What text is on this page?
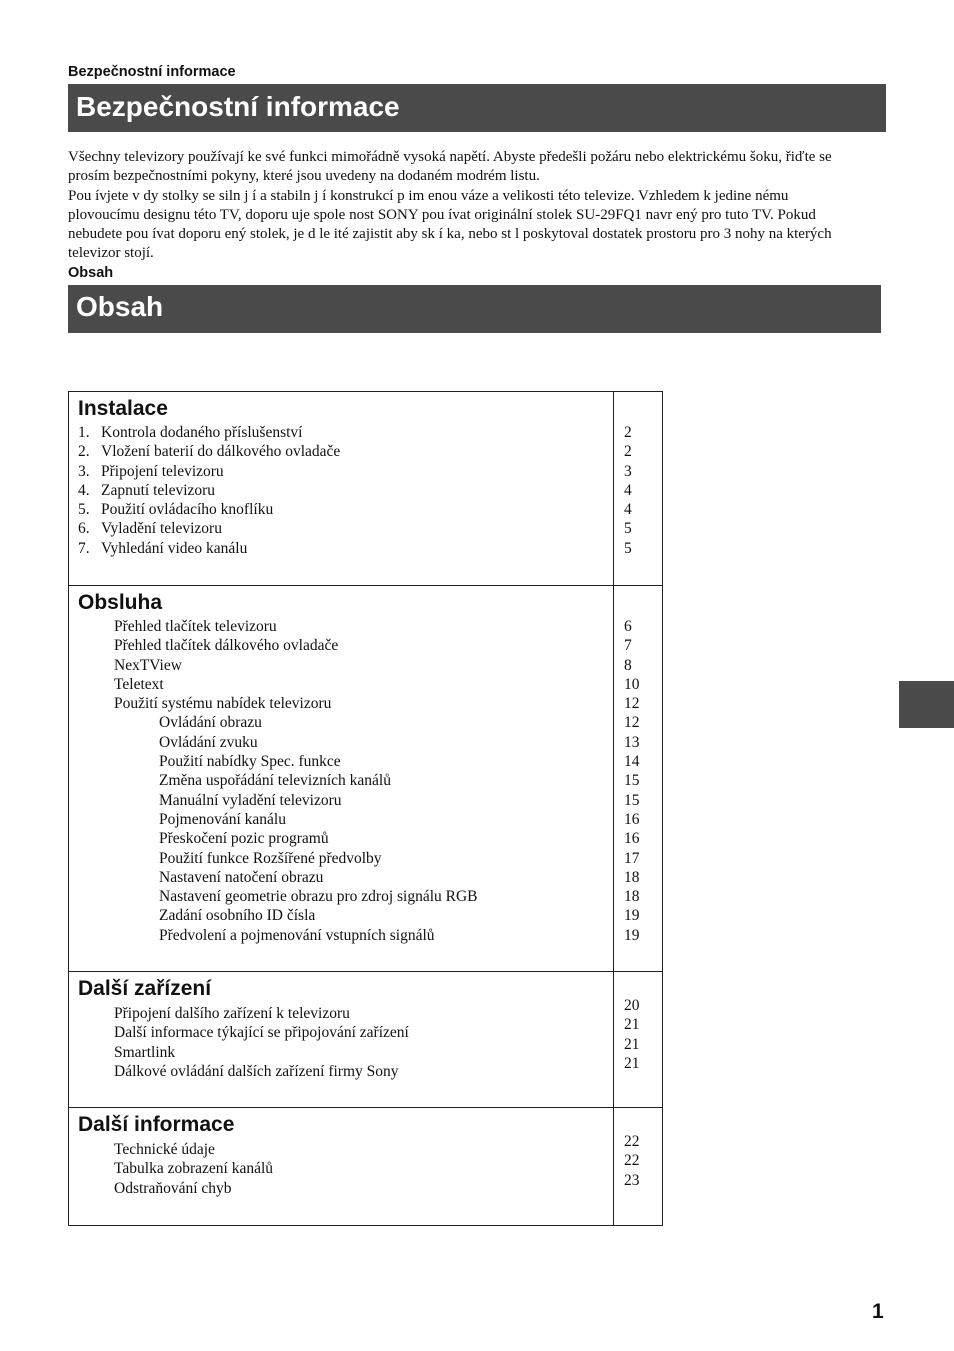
Bezpečnostní informace
Bezpečnostní informace
Všechny televizory používají ke své funkci mimořádně vysoká napětí. Abyste předešli požáru nebo elektrickému šoku, řiďte se
prosím bezpečnostními pokyny, které jsou uvedeny na dodaném modrém listu.
Pou ívjete v dy stolky se siln j í a stabiln j í konstrukcí p im enou váze a velikosti této televize. Vzhledem k jedine nému
plovoucímu designu této TV, doporu uje spole nost SONY pou ívat originální stolek SU-29FQ1 navr ený pro tuto TV. Pokud
nebudete pou ívat doporu ený stolek, je d le ité zajistit aby sk í ka, nebo st l poskytoval dostatek prostoru pro 3 nohy na kterých
televizor stojí.
Obsah
Obsah
Instalace
1. Kontrola dodaného příslušenství
2. Vložení baterií do dálkového ovladače
3. Připojení televizoru
4. Zapnutí televizoru
5. Použití ovládacího knoflíku
6. Vyladění televizoru
7. Vyhledání video kanálu
2
2
3
4
4
5
5
Obsluha
Přehled tlačítek televizoru
Přehled tlačítek dálkového ovladače
NexTView
Teletext
Použití systému nabídek televizoru
Ovládání obrazu
Ovládání zvuku
Použití nabídky Spec. funkce
Změna uspořádání televizních kanálů
Manuální vyladění televizoru
Pojmenování kanálu
Přeskočení pozic programů
Použití funkce Rozšířené předvolby
Nastavení natočení obrazu
Nastavení geometrie obrazu pro zdroj signálu RGB
Zadání osobního ID čísla
Předvolení a pojmenování vstupních signálů
6
7
8
10
12
12
13
14
15
15
16
16
17
18
18
19
19
Další zařízení
Připojení dalšího zařízení k televizoru
Další informace týkající se připojování zařízení
Smartlink
Dálkové ovládání dalších zařízení firmy Sony
20
21
21
21
Další informace
Technické údaje
Tabulka zobrazení kanálů
Odstraňování chyb
22
22
23
1
